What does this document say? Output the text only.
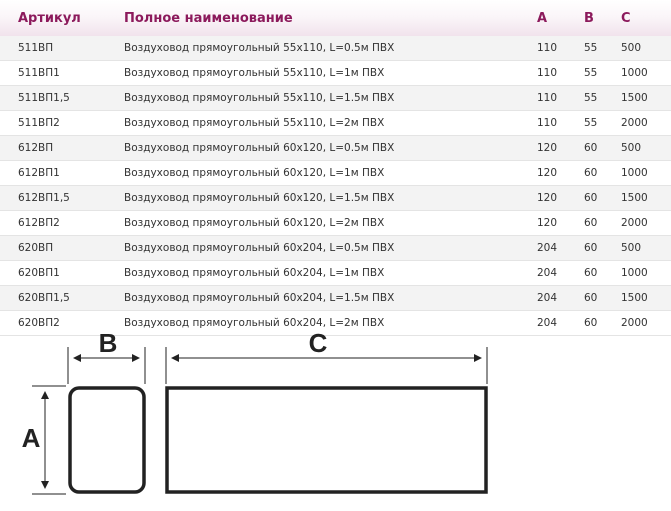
Артикул	Полное наименование	A	B	C
511ВП	Воздуховод прямоугольный 55x110, L=0.5м ПВХ	110	55	500
511ВП1	Воздуховод прямоугольный 55x110, L=1м ПВХ	110	55	1000
511ВП1,5	Воздуховод прямоугольный 55x110, L=1.5м ПВХ	110	55	1500
511ВП2	Воздуховод прямоугольный 55x110, L=2м ПВХ	110	55	2000
612ВП	Воздуховод прямоугольный 60x120, L=0.5м ПВХ	120	60	500
612ВП1	Воздуховод прямоугольный 60x120, L=1м ПВХ	120	60	1000
612ВП1,5	Воздуховод прямоугольный 60x120, L=1.5м ПВХ	120	60	1500
612ВП2	Воздуховод прямоугольный 60x120, L=2м ПВХ	120	60	2000
620ВП	Воздуховод прямоугольный 60x204, L=0.5м ПВХ	204	60	500
620ВП1	Воздуховод прямоугольный 60x204, L=1м ПВХ	204	60	1000
620ВП1,5	Воздуховод прямоугольный 60x204, L=1.5м ПВХ	204	60	1500
620ВП2	Воздуховод прямоугольный 60x204, L=2м ПВХ	204	60	2000
B	C
A
